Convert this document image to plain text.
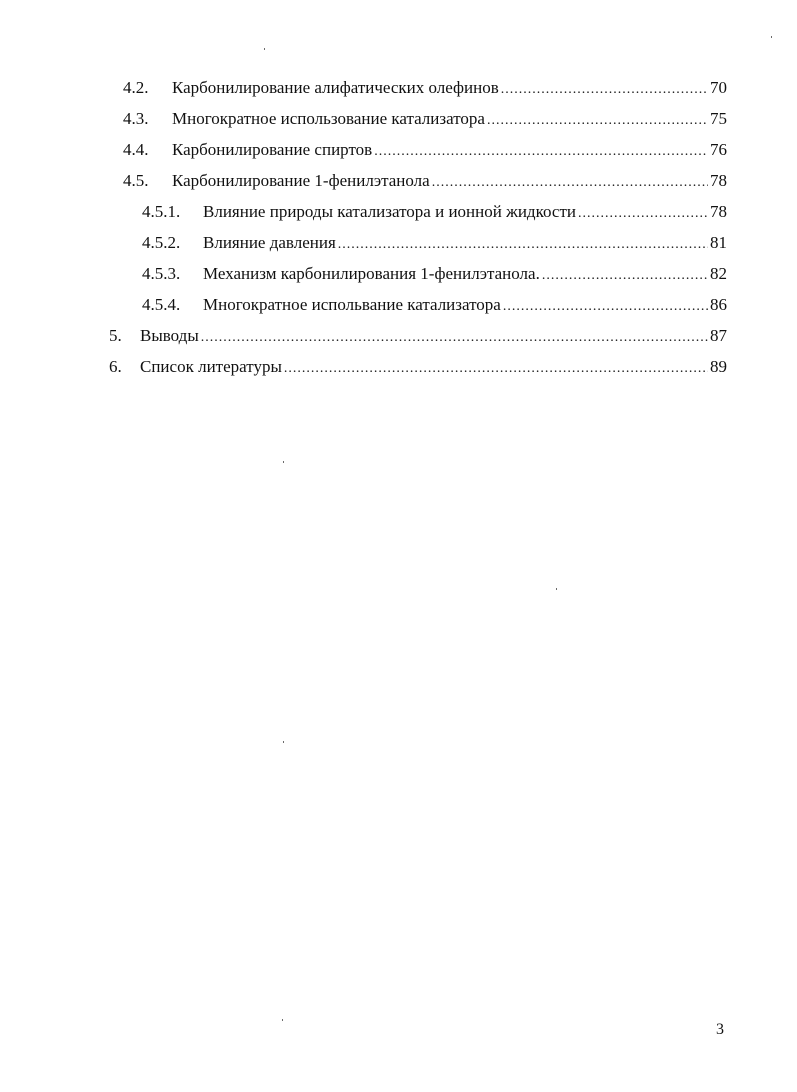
4.2.	Карбонилирование алифатических олефинов .....	70
4.3.	Многократное использование катализатора .....	75
4.4.	Карбонилирование спиртов .....	76
4.5.	Карбонилирование 1-фенилэтанола .....	78
4.5.1.	Влияние природы катализатора и ионной жидкости .....	78
4.5.2.	Влияние давления .....	81
4.5.3.	Механизм карбонилирования 1-фенилэтанола. .....	82
4.5.4.	Многократное испольвание катализатора .....	86
5.	Выводы .....	87
6.	Список литературы .....	89
3
